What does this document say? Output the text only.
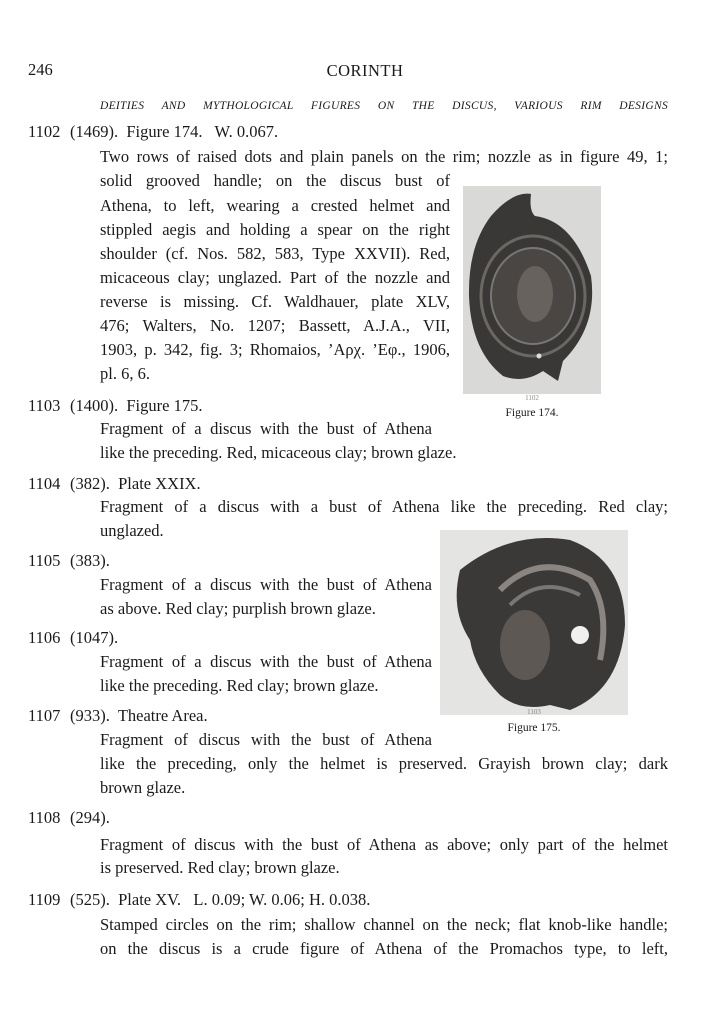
246	CORINTH
DEITIES AND MYTHOLOGICAL FIGURES ON THE DISCUS, VARIOUS RIM DESIGNS
1102 (1469).  Figure 174.   W. 0.067.
Two rows of raised dots and plain panels on the rim; nozzle as in figure 49, 1;
solid grooved handle; on the discus bust of
Athena, to left, wearing a crested helmet and
stippled aegis and holding a spear on the right
shoulder (cf. Nos. 582, 583, Type XXVII). Red,
micaceous clay; unglazed. Part of the nozzle and
reverse is missing. Cf. Waldhauer, plate XLV,
476; Walters, No. 1207; Bassett, A.J.A., VII,
1903, p. 342, fig. 3; Rhomaios, ’Αρχ. ’Εφ., 1906,
pl. 6, 6.
1103 (1400).  Figure 175.
Fragment of a discus with the bust of Athena
like the preceding. Red, micaceous clay; brown glaze.
1104 (382).  Plate XXIX.
Fragment of a discus with a bust of Athena like the preceding. Red clay;
unglazed.
1105 (383).
Fragment of a discus with the bust of Athena
as above. Red clay; purplish brown glaze.
1106 (1047).
Fragment of a discus with the bust of Athena
like the preceding. Red clay; brown glaze.
1107 (933).  Theatre Area.
Fragment of discus with the bust of Athena
like the preceding, only the helmet is preserved. Grayish brown clay; dark
brown glaze.
1108 (294).
Fragment of discus with the bust of Athena as above; only part of the helmet
is preserved. Red clay; brown glaze.
1109 (525).  Plate XV.   L. 0.09; W. 0.06; H. 0.038.
Stamped circles on the rim; shallow channel on the neck; flat knob-like handle;
on the discus is a crude figure of Athena of the Promachos type, to left,
1102
Figure 174.
1103
Figure 175.
